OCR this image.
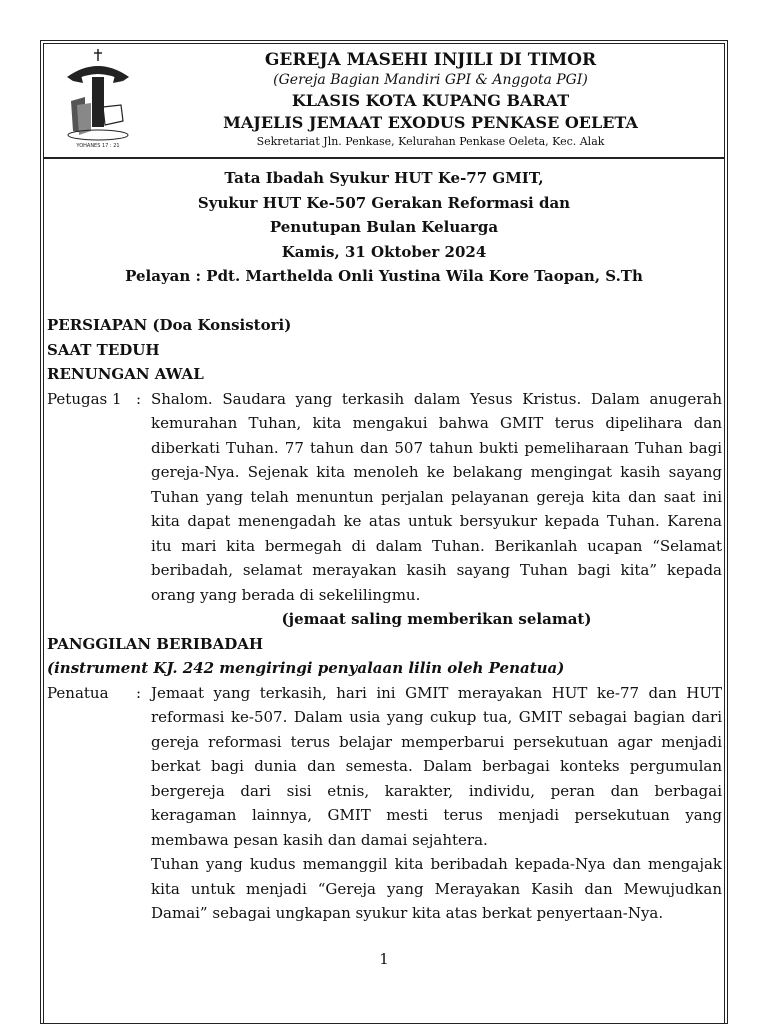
YOHANES 17 : 21
GEREJA MASEHI INJILI DI TIMOR
(Gereja Bagian Mandiri GPI & Anggota PGI)
KLASIS KOTA KUPANG BARAT
MAJELIS JEMAAT EXODUS PENKASE OELETA
Sekretariat Jln. Penkase, Kelurahan Penkase Oeleta, Kec. Alak
Tata Ibadah Syukur HUT Ke-77 GMIT,
Syukur HUT Ke-507 Gerakan Reformasi dan
Penutupan Bulan Keluarga
Kamis, 31 Oktober 2024
Pelayan : Pdt. Marthelda Onli Yustina Wila Kore Taopan, S.Th
PERSIAPAN (Doa Konsistori)
SAAT TEDUH
RENUNGAN AWAL
Petugas 1 : Shalom. Saudara yang terkasih dalam Yesus Kristus. Dalam anugerah kemurahan Tuhan, kita mengakui bahwa GMIT terus dipelihara dan diberkati Tuhan. 77 tahun dan 507 tahun bukti pemeliharaan Tuhan bagi gereja-Nya. Sejenak kita menoleh ke belakang mengingat kasih sayang Tuhan yang telah menuntun perjalan pelayanan gereja kita dan saat ini kita dapat menengadah ke atas untuk bersyukur kepada Tuhan. Karena itu mari kita bermegah di dalam Tuhan. Berikanlah ucapan “Selamat beribadah, selamat merayakan kasih sayang Tuhan bagi kita” kepada orang yang berada di sekelilingmu.
(jemaat saling memberikan selamat)
PANGGILAN BERIBADAH
(instrument KJ. 242 mengiringi penyalaan lilin oleh Penatua)
Penatua : Jemaat yang terkasih, hari ini GMIT merayakan HUT ke-77 dan HUT reformasi ke-507. Dalam usia yang cukup tua, GMIT sebagai bagian dari gereja reformasi terus belajar memperbarui persekutuan agar menjadi berkat bagi dunia dan semesta. Dalam berbagai konteks pergumulan bergereja dari sisi etnis, karakter, individu, peran dan berbagai keragaman lainnya, GMIT mesti terus menjadi persekutuan yang membawa pesan kasih dan damai sejahtera.
Tuhan yang kudus memanggil kita beribadah kepada-Nya dan mengajak kita untuk menjadi “Gereja yang Merayakan Kasih dan Mewujudkan Damai” sebagai ungkapan syukur kita atas berkat penyertaan-Nya.
1
